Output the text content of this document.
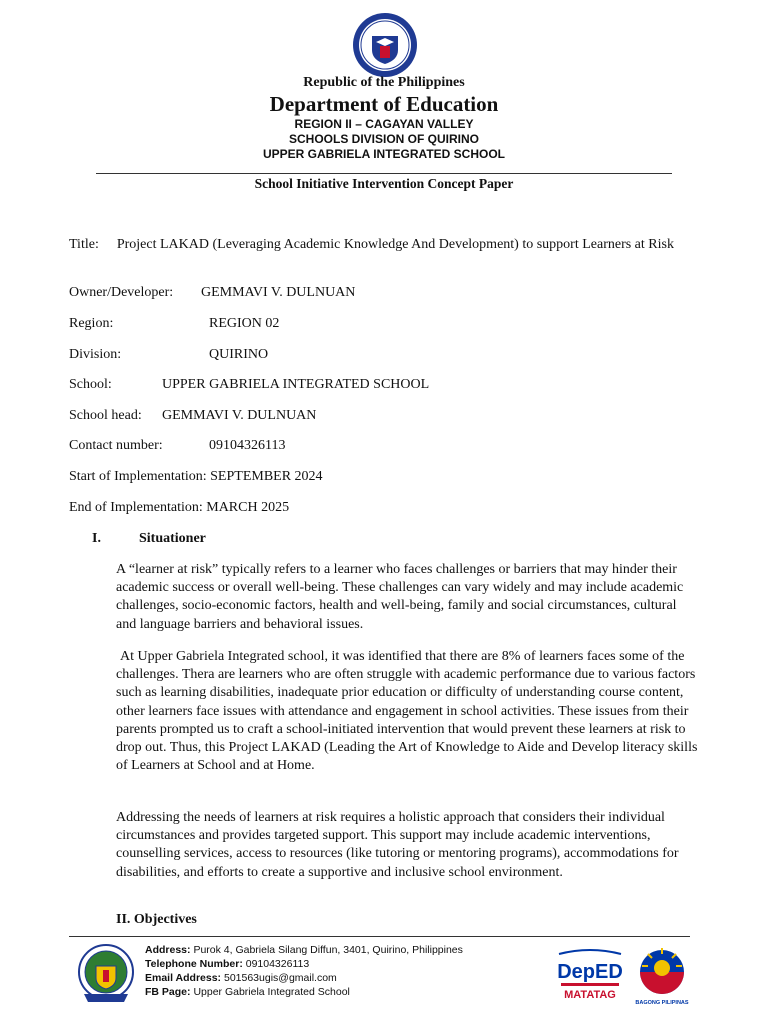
Republic of the Philippines
Department of Education
REGION II – CAGAYAN VALLEY
SCHOOLS DIVISION OF QUIRINO
UPPER GABRIELA INTEGRATED SCHOOL
School Initiative Intervention Concept Paper
Title: Project LAKAD (Leveraging Academic Knowledge And Development) to support Learners at Risk
Owner/Developer: GEMMAVI V. DULNUAN
Region:	REGION 02
Division:	QUIRINO
School:	UPPER GABRIELA INTEGRATED SCHOOL
School head: GEMMAVI V. DULNUAN
Contact number:	09104326113
Start of Implementation: SEPTEMBER 2024
End of Implementation: MARCH 2025
I.	Situationer
A “learner at risk” typically refers to a learner who faces challenges or barriers that may hinder their academic success or overall well-being. These challenges can vary widely and may include academic challenges, socio-economic factors, health and well-being, family and social circumstances, cultural and language barriers and behavioral issues.
At Upper Gabriela Integrated school, it was identified that there are 8% of learners faces some of the challenges. Thera are learners who are often struggle with academic performance due to various factors such as learning disabilities, inadequate prior education or difficulty of understanding course content, other learners face issues with attendance and engagement in school activities. These issues from their parents prompted us to craft a school-initiated intervention that would prevent these learners at risk to drop out. Thus, this Project LAKAD (Leading the Art of Knowledge to Aide and Develop literacy skills of Learners at School and at Home.
Addressing the needs of learners at risk requires a holistic approach that considers their individual circumstances and provides targeted support. This support may include academic interventions, counselling services, access to resources (like tutoring or mentoring programs), accommodations for disabilities, and efforts to create a supportive and inclusive school environment.
II. Objectives
Address: Purok 4, Gabriela Silang Diffun, 3401, Quirino, Philippines
Telephone Number: 09104326113
Email Address: 501563ugis@gmail.com
FB Page: Upper Gabriela Integrated School
DepED
MATATAG
BAGONG PILIPINAS
